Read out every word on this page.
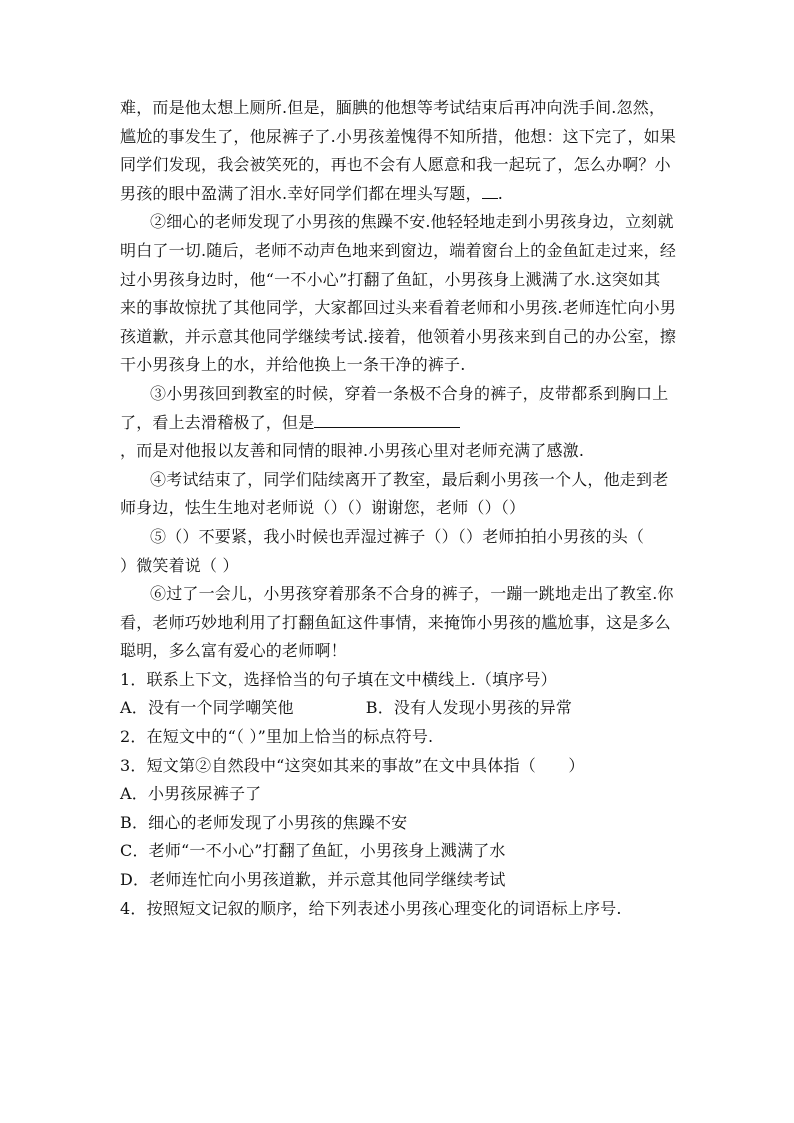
难，而是他太想上厕所.但是，腼腆的他想等考试结束后再冲向洗手间.忽然，
尴尬的事发生了，他尿裤子了.小男孩羞愧得不知所措，他想：这下完了，如果
同学们发现，我会被笑死的，再也不会有人愿意和我一起玩了，怎么办啊？小
男孩的眼中盈满了泪水.幸好同学们都在埋头写题， .
②细心的老师发现了小男孩的焦躁不安.他轻轻地走到小男孩身边，立刻就
明白了一切.随后，老师不动声色地来到窗边，端着窗台上的金鱼缸走过来，经
过小男孩身边时，他“一不小心”打翻了鱼缸，小男孩身上溅满了水.这突如其
来的事故惊扰了其他同学，大家都回过头来看着老师和小男孩.老师连忙向小男
孩道歉，并示意其他同学继续考试.接着，他领着小男孩来到自己的办公室，擦
干小男孩身上的水，并给他换上一条干净的裤子.
③小男孩回到教室的时候，穿着一条极不合身的裤子，皮带都系到胸口上
了，看上去滑稽极了，但是
，而是对他报以友善和同情的眼神.小男孩心里对老师充满了感激.
④考试结束了，同学们陆续离开了教室，最后剩小男孩一个人，他走到老
师身边，怯生生地对老师说（）（）谢谢您，老师（）（）
⑤（）不要紧，我小时候也弄湿过裤子（）（）老师拍拍小男孩的头（
）微笑着说（ ）
⑥过了一会儿，小男孩穿着那条不合身的裤子，一蹦一跳地走出了教室.你
看，老师巧妙地利用了打翻鱼缸这件事情，来掩饰小男孩的尴尬事，这是多么
聪明，多么富有爱心的老师啊！
1．联系上下文，选择恰当的句子填在文中横线上.（填序号）
A．没有一个同学嘲笑他	B．没有人发现小男孩的异常
2．在短文中的“（ ）”里加上恰当的标点符号.
3．短文第②自然段中“这突如其来的事故”在文中具体指（　　）
A．小男孩尿裤子了
B．细心的老师发现了小男孩的焦躁不安
C．老师“一不小心”打翻了鱼缸，小男孩身上溅满了水
D．老师连忙向小男孩道歉，并示意其他同学继续考试
4．按照短文记叙的顺序，给下列表述小男孩心理变化的词语标上序号.
